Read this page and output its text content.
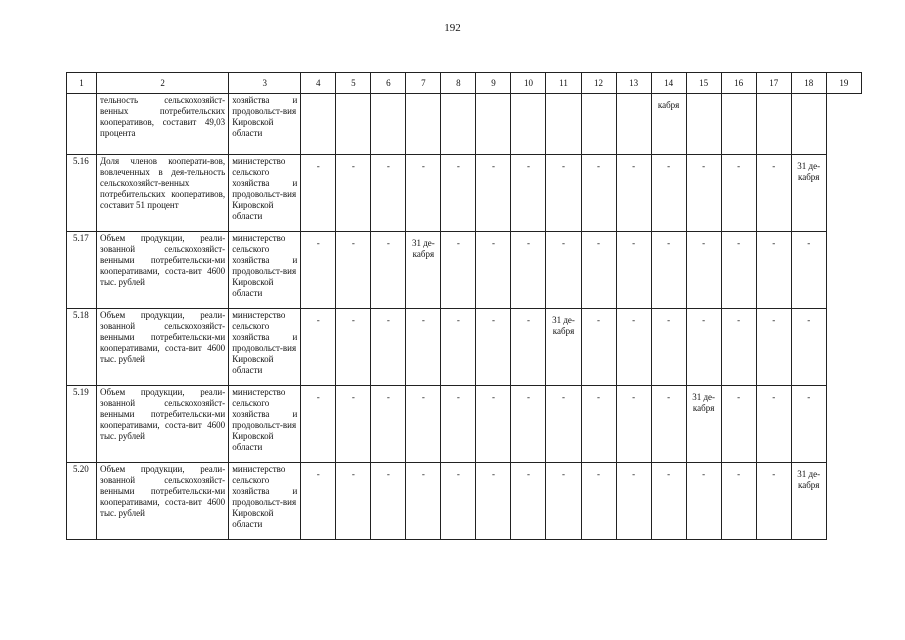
192
1	2	3	4	5	6	7	8	9	10	11	12	13	14	15	16	17	18	19
	тельность сельскохозяйст-венных потребительских кооперативов, составит 49,03 процента	хозяйства и продовольст-вия Кировской области											кабря					
5.16	Доля членов кооперати-вов, вовлеченных в дея-тельность сельскохозяйст-венных потребительских кооперативов, составит 51 процент	министерство сельского хозяйства и продовольст-вия Кировской области	-	-	-	-	-	-	-	-	-	-	-	-	-	-	31 де-кабря	
5.17	Объем продукции, реали-зованной сельскохозяйст-венными потребительски-ми кооперативами, соста-вит 4600 тыс. рублей	министерство сельского хозяйства и продовольст-вия Кировской области	-	-	-	31 де-кабря	-	-	-	-	-	-	-	-	-	-	-	
5.18	Объем продукции, реали-зованной сельскохозяйст-венными потребительски-ми кооперативами, соста-вит 4600 тыс. рублей	министерство сельского хозяйства и продовольст-вия Кировской области	-	-	-	-	-	-	-	31 де-кабря	-	-	-	-	-	-	-	
5.19	Объем продукции, реали-зованной сельскохозяйст-венными потребительски-ми кооперативами, соста-вит 4600 тыс. рублей	министерство сельского хозяйства и продовольст-вия Кировской области	-	-	-	-	-	-	-	-	-	-	-	31 де-кабря	-	-	-	
5.20	Объем продукции, реали-зованной сельскохозяйст-венными потребительски-ми кооперативами, соста-вит 4600 тыс. рублей	министерство сельского хозяйства и продовольст-вия Кировской области	-	-	-	-	-	-	-	-	-	-	-	-	-	-	31 де-кабря	
